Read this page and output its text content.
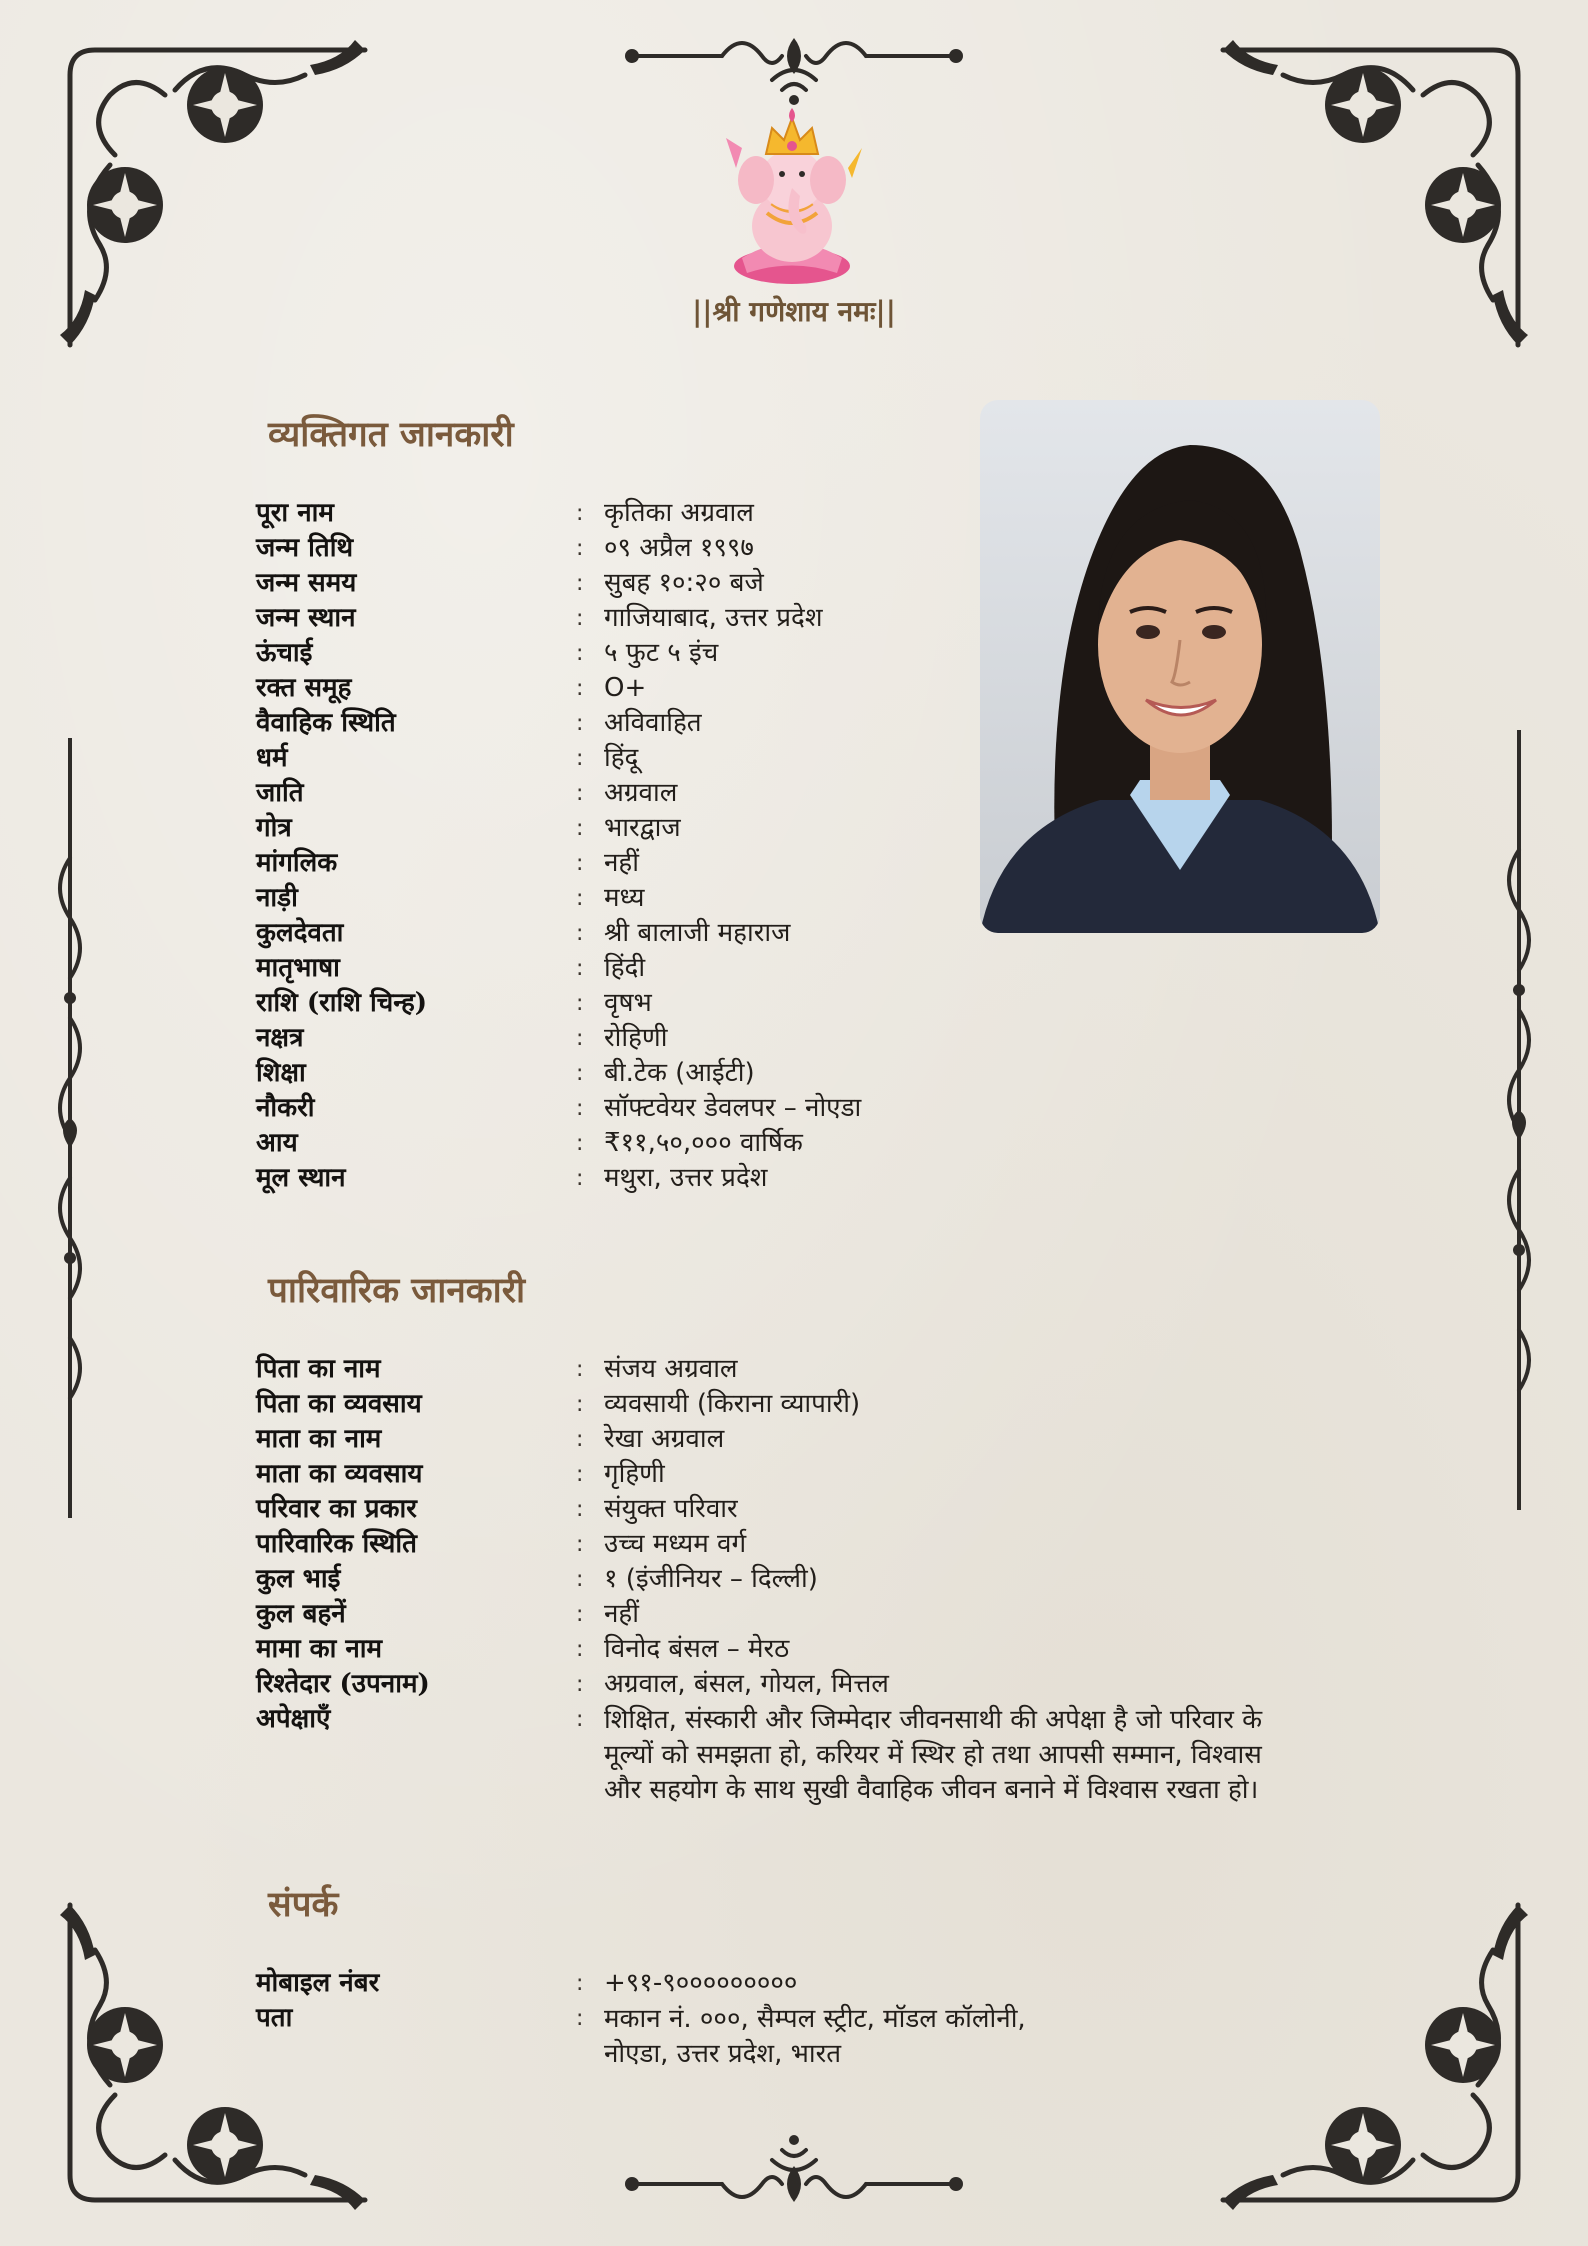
||श्री गणेशाय नमः||
व्यक्तिगत जानकारी
पूरा नाम	: कृतिका अग्रवाल
जन्म तिथि	: ०९ अप्रैल १९९७
जन्म समय	: सुबह १०:२० बजे
जन्म स्थान	: गाजियाबाद, उत्तर प्रदेश
ऊंचाई	: ५ फुट ५ इंच
रक्त समूह	: O+
वैवाहिक स्थिति	: अविवाहित
धर्म	: हिंदू
जाति	: अग्रवाल
गोत्र	: भारद्वाज
मांगलिक	: नहीं
नाड़ी	: मध्य
कुलदेवता	: श्री बालाजी महाराज
मातृभाषा	: हिंदी
राशि (राशि चिन्ह)	: वृषभ
नक्षत्र	: रोहिणी
शिक्षा	: बी.टेक (आईटी)
नौकरी	: सॉफ्टवेयर डेवलपर – नोएडा
आय	: ₹११,५०,००० वार्षिक
मूल स्थान	: मथुरा, उत्तर प्रदेश
पारिवारिक जानकारी
पिता का नाम	: संजय अग्रवाल
पिता का व्यवसाय	: व्यवसायी (किराना व्यापारी)
माता का नाम	: रेखा अग्रवाल
माता का व्यवसाय	: गृहिणी
परिवार का प्रकार	: संयुक्त परिवार
पारिवारिक स्थिति	: उच्च मध्यम वर्ग
कुल भाई	: १ (इंजीनियर – दिल्ली)
कुल बहनें	: नहीं
मामा का नाम	: विनोद बंसल – मेरठ
रिश्तेदार (उपनाम)	: अग्रवाल, बंसल, गोयल, मित्तल
अपेक्षाएँ	: शिक्षित, संस्कारी और जिम्मेदार जीवनसाथी की अपेक्षा है जो परिवार के मूल्यों को समझता हो, करियर में स्थिर हो तथा आपसी सम्मान, विश्वास और सहयोग के साथ सुखी वैवाहिक जीवन बनाने में विश्वास रखता हो।
संपर्क
मोबाइल नंबर	: +९१-९०००००००००
पता	: मकान नं. ०००, सैम्पल स्ट्रीट, मॉडल कॉलोनी, नोएडा, उत्तर प्रदेश, भारत
